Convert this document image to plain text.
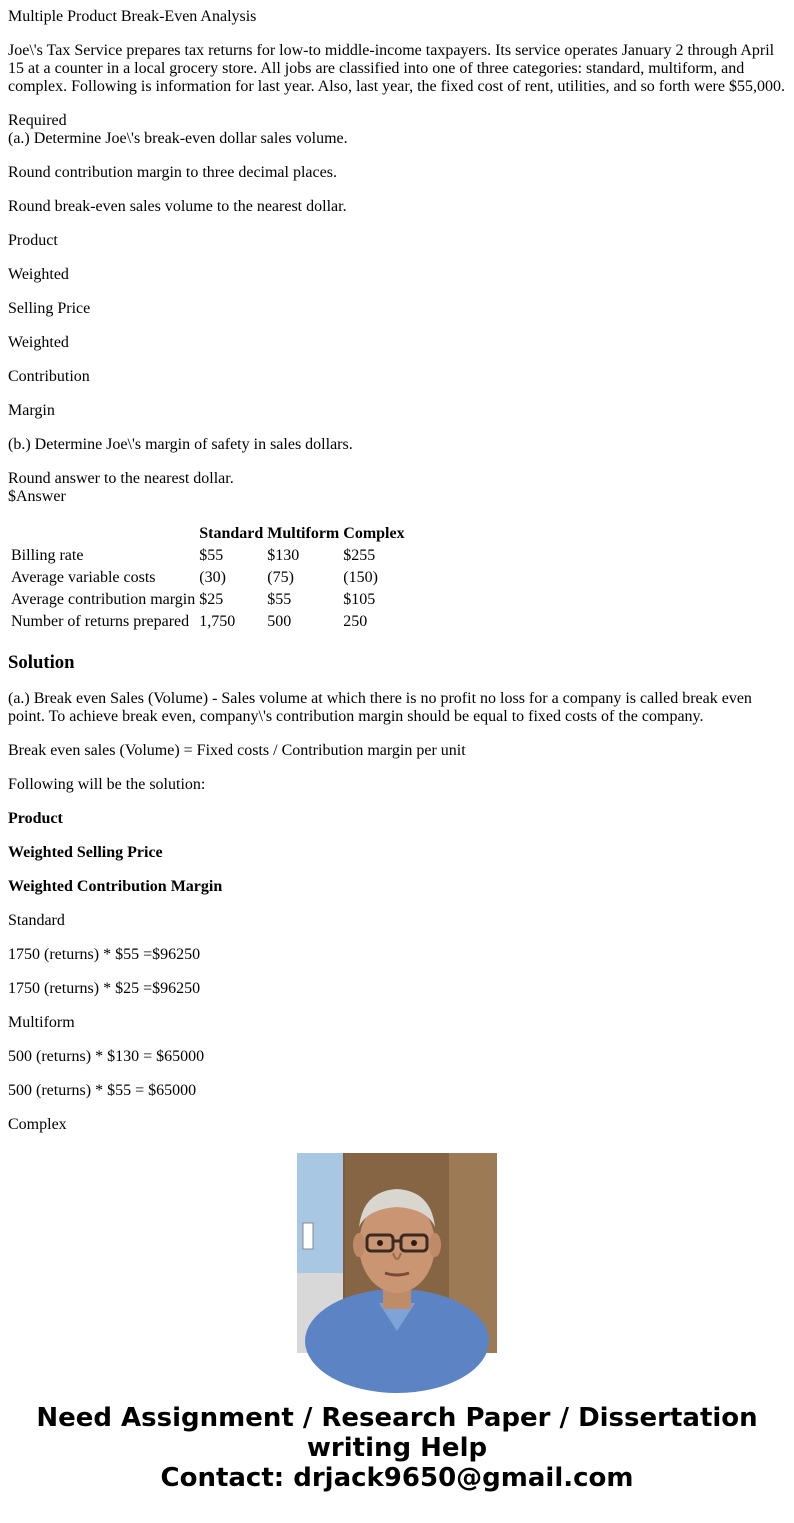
Multiple Product Break-Even Analysis

Joe\'s Tax Service prepares tax returns for low-to middle-income taxpayers. Its service operates January 2 through April 15 at a counter in a local grocery store. All jobs are classified into one of three categories: standard, multiform, and complex. Following is information for last year. Also, last year, the fixed cost of rent, utilities, and so forth were $55,000.

Required

(a.) Determine Joe\'s break-even dollar sales volume.

Round contribution margin to three decimal places.

Round break-even sales volume to the nearest dollar.

Product

Weighted

Selling Price

Weighted

Contribution

Margin

(b.) Determine Joe\'s margin of safety in sales dollars.

Round answer to the nearest dollar.

$Answer

	Standard	Multiform	Complex
Billing rate	$55	$130	$255
Average variable costs	(30)	(75)	(150)
Average contribution margin	$25	$55	$105
Number of returns prepared	1,750	500	250
Solution

(a.) Break even Sales (Volume) - Sales volume at which there is no profit no loss for a company is called break even point. To achieve break even, company\'s contribution margin should be equal to fixed costs of the company.

Break even sales (Volume) = Fixed costs / Contribution margin per unit

Following will be the solution:

Product

Weighted Selling Price

Weighted Contribution Margin

Standard

1750 (returns) * $55 =$96250

1750 (returns) * $25 =$96250

Multiform

500 (returns) * $130 = $65000

500 (returns) * $55 = $65000

Complex

Need Assignment / Research Paper / Dissertation
writing Help
Contact: drjack9650@gmail.com
